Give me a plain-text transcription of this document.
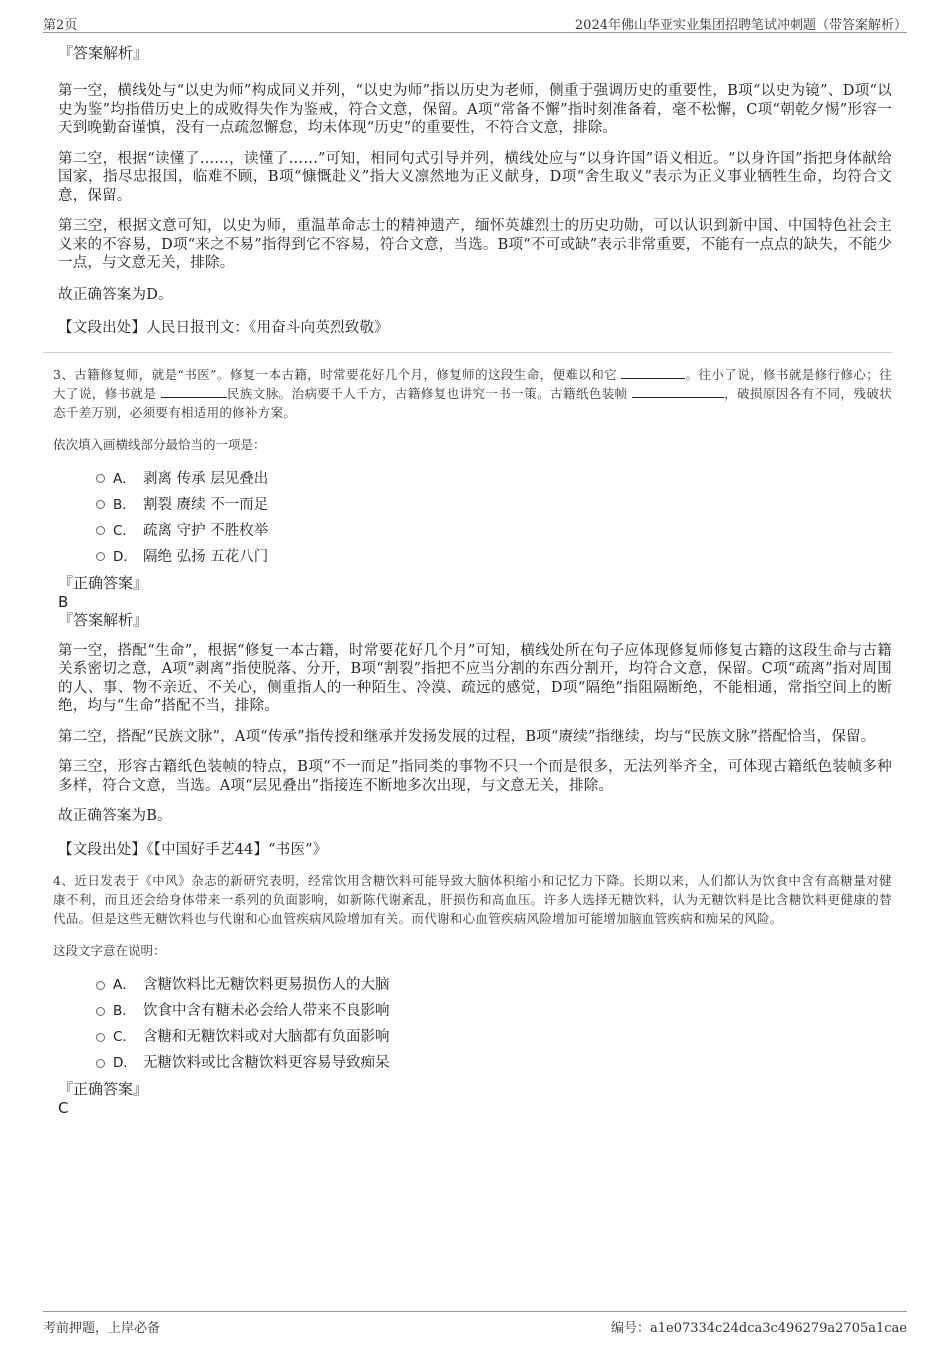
第2页	2024年佛山华亚实业集团招聘笔试冲刺题（带答案解析）

『答案解析』

第一空，横线处与“以史为师”构成同义并列，“以史为师”指以历史为老师，侧重于强调历史的重要性，B项“以史为镜”、D项“以史为鉴”均指借历史上的成败得失作为鉴戒，符合文意，保留。A项“常备不懈”指时刻准备着，毫不松懈，C项“朝乾夕惕”形容一天到晚勤奋谨慎，没有一点疏忽懈怠，均未体现“历史”的重要性，不符合文意，排除。

第二空，根据“读懂了……，读懂了……”可知，相同句式引导并列，横线处应与“以身许国”语义相近。“以身许国”指把身体献给国家，指尽忠报国，临难不顾，B项“慷慨赴义”指大义凛然地为正义献身，D项“舍生取义”表示为正义事业牺牲生命，均符合文意，保留。

第三空，根据文意可知，以史为师，重温革命志士的精神遗产，缅怀英雄烈士的历史功勋，可以认识到新中国、中国特色社会主义来的不容易，D项“来之不易”指得到它不容易，符合文意，当选。B项“不可或缺”表示非常重要，不能有一点点的缺失，不能少一点，与文意无关，排除。

故正确答案为D。

【文段出处】人民日报刊文：《用奋斗向英烈致敬》

3、古籍修复师，就是“书医”。修复一本古籍，时常要花好几个月，修复师的这段生命，便难以和它	。往小了说，修书就是修行修心；往大了说，修书就是	民族文脉。治病要千人千方，古籍修复也讲究一书一策。古籍纸色装帧	，破损原因各有不同，残破状态千差万别，必须要有相适用的修补方案。

依次填入画横线部分最恰当的一项是：

A． 剥离 传承 层见叠出
B． 割裂 赓续 不一而足
C． 疏离 守护 不胜枚举
D． 隔绝 弘扬 五花八门

『正确答案』

B

『答案解析』

第一空，搭配“生命”，根据“修复一本古籍，时常要花好几个月”可知，横线处所在句子应体现修复师修复古籍的这段生命与古籍关系密切之意，A项“剥离”指使脱落、分开，B项“割裂”指把不应当分割的东西分割开，均符合文意，保留。C项“疏离”指对周围的人、事、物不亲近、不关心，侧重指人的一种陌生、冷漠、疏远的感觉，D项“隔绝”指阻隔断绝，不能相通，常指空间上的断绝，均与“生命”搭配不当，排除。

第二空，搭配“民族文脉”，A项“传承”指传授和继承并发扬发展的过程，B项“赓续”指继续，均与“民族文脉”搭配恰当，保留。

第三空，形容古籍纸色装帧的特点，B项“不一而足”指同类的事物不只一个而是很多，无法列举齐全，可体现古籍纸色装帧多种多样，符合文意，当选。A项“层见叠出”指接连不断地多次出现，与文意无关，排除。

故正确答案为B。

【文段出处】《【中国好手艺44】“书医”》

4、近日发表于《中风》杂志的新研究表明，经常饮用含糖饮料可能导致大脑体积缩小和记忆力下降。长期以来，人们都认为饮食中含有高糖量对健康不利，而且还会给身体带来一系列的负面影响，如新陈代谢紊乱，肝损伤和高血压。许多人选择无糖饮料，认为无糖饮料是比含糖饮料更健康的替代品。但是这些无糖饮料也与代谢和心血管疾病风险增加有关。而代谢和心血管疾病风险增加可能增加脑血管疾病和痴呆的风险。

这段文字意在说明：

A． 含糖饮料比无糖饮料更易损伤人的大脑
B． 饮食中含有糖未必会给人带来不良影响
C． 含糖和无糖饮料或对大脑都有负面影响
D． 无糖饮料或比含糖饮料更容易导致痴呆

『正确答案』

C

考前押题，上岸必备	编号：a1e07334c24dca3c496279a2705a1cae
